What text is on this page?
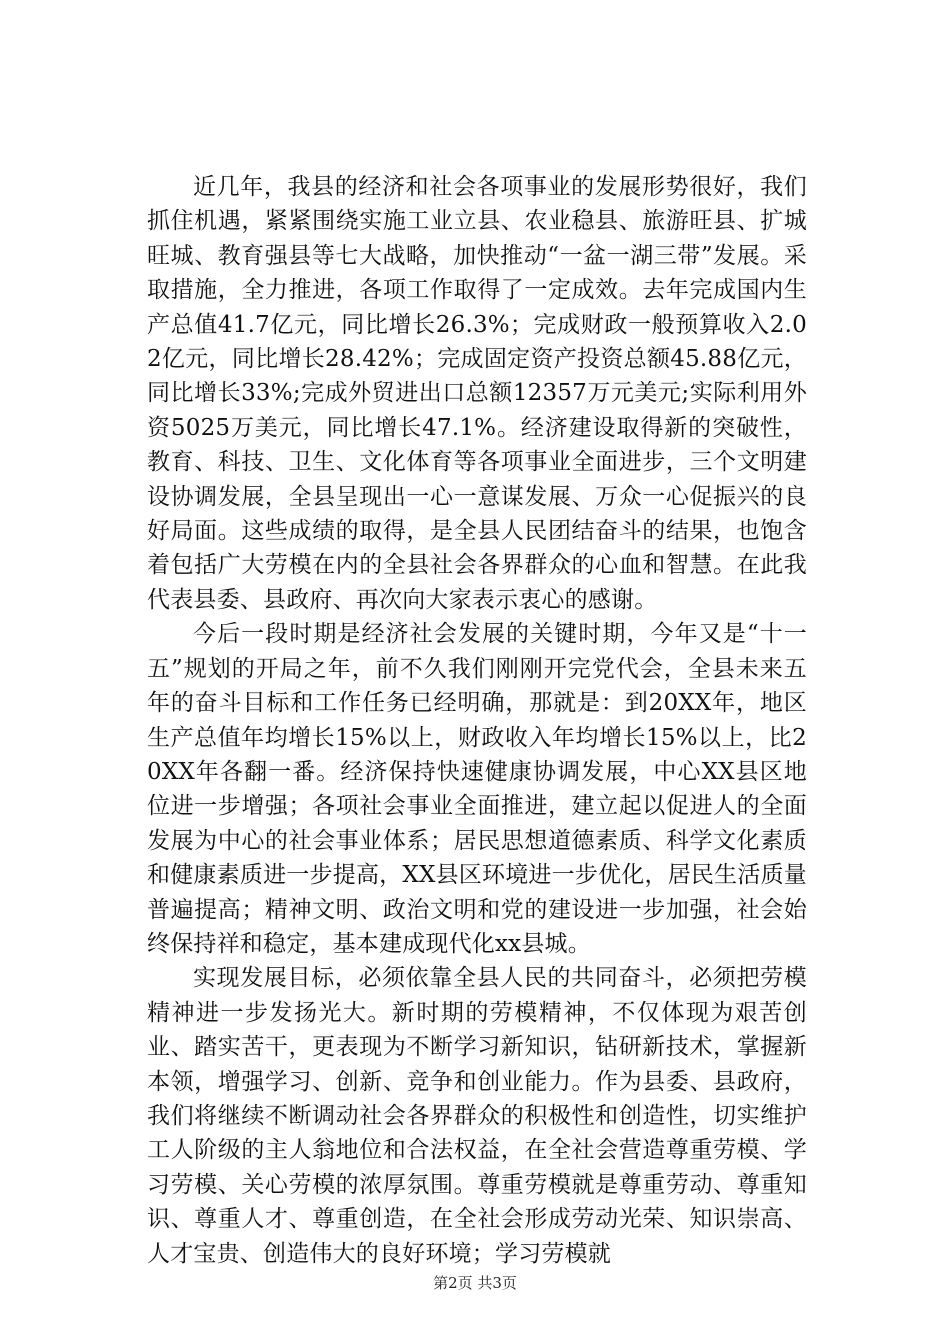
近几年，我县的经济和社会各项事业的发展形势很好，我们抓住机遇，紧紧围绕实施工业立县、农业稳县、旅游旺县、扩城旺城、教育强县等七大战略，加快推动“一盆一湖三带”发展。采取措施，全力推进，各项工作取得了一定成效。去年完成国内生产总值41.7亿元，同比增长26.3%；完成财政一般预算收入2.02亿元，同比增长28.42%；完成固定资产投资总额45.88亿元，同比增长33%;完成外贸进出口总额12357万元美元;实际利用外资5025万美元，同比增长47.1%。经济建设取得新的突破性，教育、科技、卫生、文化体育等各项事业全面进步，三个文明建设协调发展，全县呈现出一心一意谋发展、万众一心促振兴的良好局面。这些成绩的取得，是全县人民团结奋斗的结果，也饱含着包括广大劳模在内的全县社会各界群众的心血和智慧。在此我代表县委、县政府、再次向大家表示衷心的感谢。

今后一段时期是经济社会发展的关键时期，今年又是“十一五”规划的开局之年，前不久我们刚刚开完党代会，全县未来五年的奋斗目标和工作任务已经明确，那就是：到20XX年，地区生产总值年均增长15%以上，财政收入年均增长15%以上，比20XX年各翻一番。经济保持快速健康协调发展，中心XX县区地位进一步增强；各项社会事业全面推进，建立起以促进人的全面发展为中心的社会事业体系；居民思想道德素质、科学文化素质和健康素质进一步提高，XX县区环境进一步优化，居民生活质量普遍提高；精神文明、政治文明和党的建设进一步加强，社会始终保持祥和稳定，基本建成现代化xx县城。

实现发展目标，必须依靠全县人民的共同奋斗，必须把劳模精神进一步发扬光大。新时期的劳模精神，不仅体现为艰苦创业、踏实苦干，更表现为不断学习新知识，钻研新技术，掌握新本领，增强学习、创新、竞争和创业能力。作为县委、县政府，我们将继续不断调动社会各界群众的积极性和创造性，切实维护工人阶级的主人翁地位和合法权益，在全社会营造尊重劳模、学习劳模、关心劳模的浓厚氛围。尊重劳模就是尊重劳动、尊重知识、尊重人才、尊重创造，在全社会形成劳动光荣、知识崇高、人才宝贵、创造伟大的良好环境；学习劳模就

第2页 共3页
